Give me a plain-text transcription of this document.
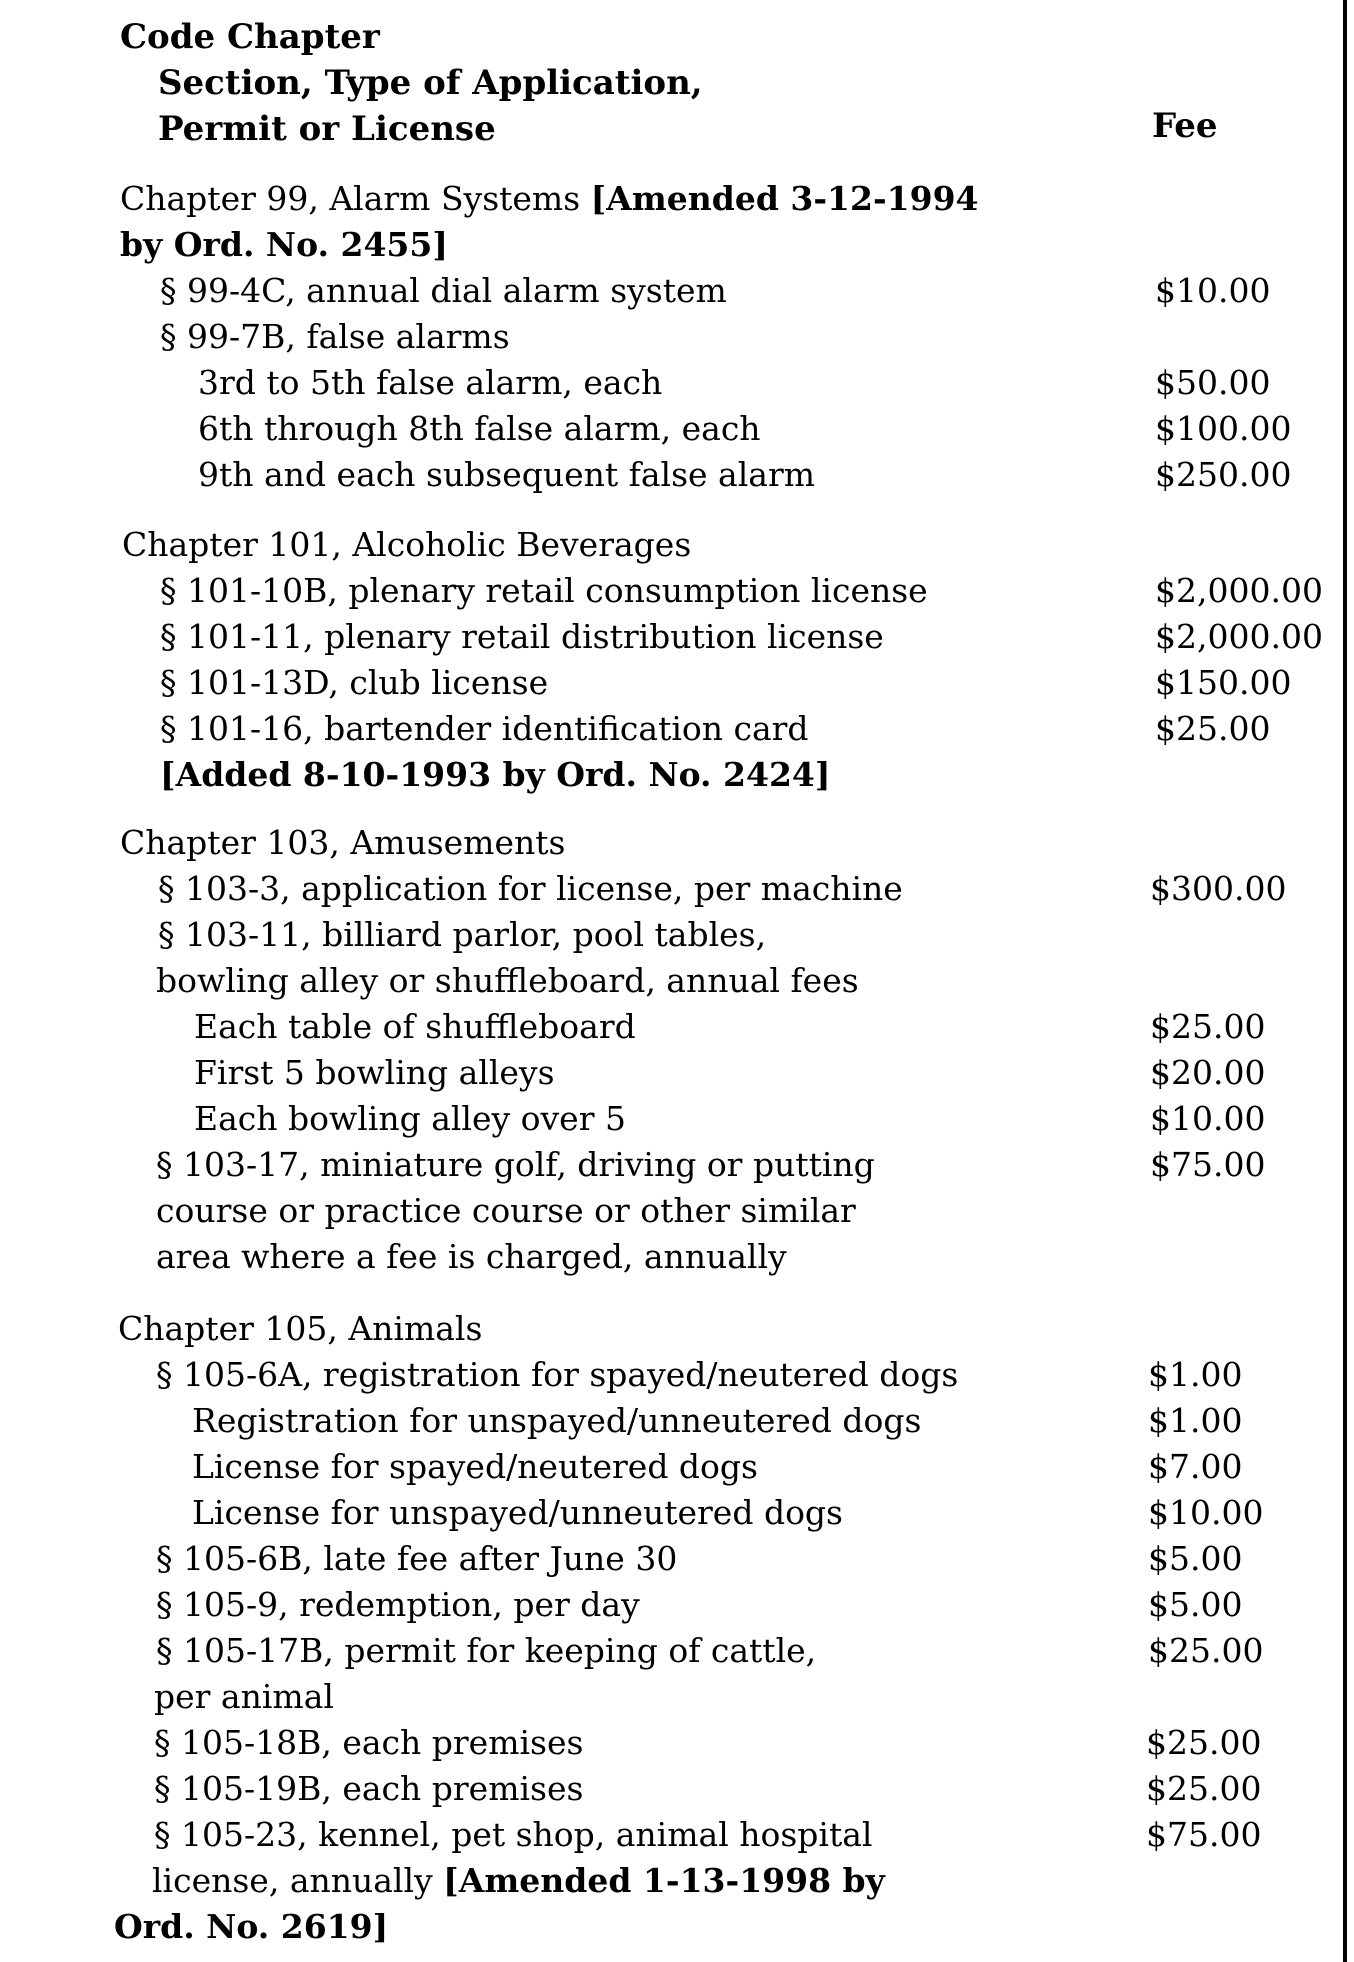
Code Chapter
Section, Type of Application,
Permit or License	Fee
Chapter 99, Alarm Systems [Amended 3-12-1994
by Ord. No. 2455]
§ 99-4C, annual dial alarm system	$10.00
§ 99-7B, false alarms
3rd to 5th false alarm, each	$50.00
6th through 8th false alarm, each	$100.00
9th and each subsequent false alarm	$250.00
Chapter 101, Alcoholic Beverages
§ 101-10B, plenary retail consumption license	$2,000.00
§ 101-11, plenary retail distribution license	$2,000.00
§ 101-13D, club license	$150.00
§ 101-16, bartender identification card	$25.00
[Added 8-10-1993 by Ord. No. 2424]
Chapter 103, Amusements
§ 103-3, application for license, per machine	$300.00
§ 103-11, billiard parlor, pool tables,
bowling alley or shuffleboard, annual fees
Each table of shuffleboard	$25.00
First 5 bowling alleys	$20.00
Each bowling alley over 5	$10.00
§ 103-17, miniature golf, driving or putting	$75.00
course or practice course or other similar
area where a fee is charged, annually
Chapter 105, Animals
§ 105-6A, registration for spayed/neutered dogs	$1.00
Registration for unspayed/unneutered dogs	$1.00
License for spayed/neutered dogs	$7.00
License for unspayed/unneutered dogs	$10.00
§ 105-6B, late fee after June 30	$5.00
§ 105-9, redemption, per day	$5.00
§ 105-17B, permit for keeping of cattle,	$25.00
per animal
§ 105-18B, each premises	$25.00
§ 105-19B, each premises	$25.00
§ 105-23, kennel, pet shop, animal hospital	$75.00
license, annually [Amended 1-13-1998 by
Ord. No. 2619]
